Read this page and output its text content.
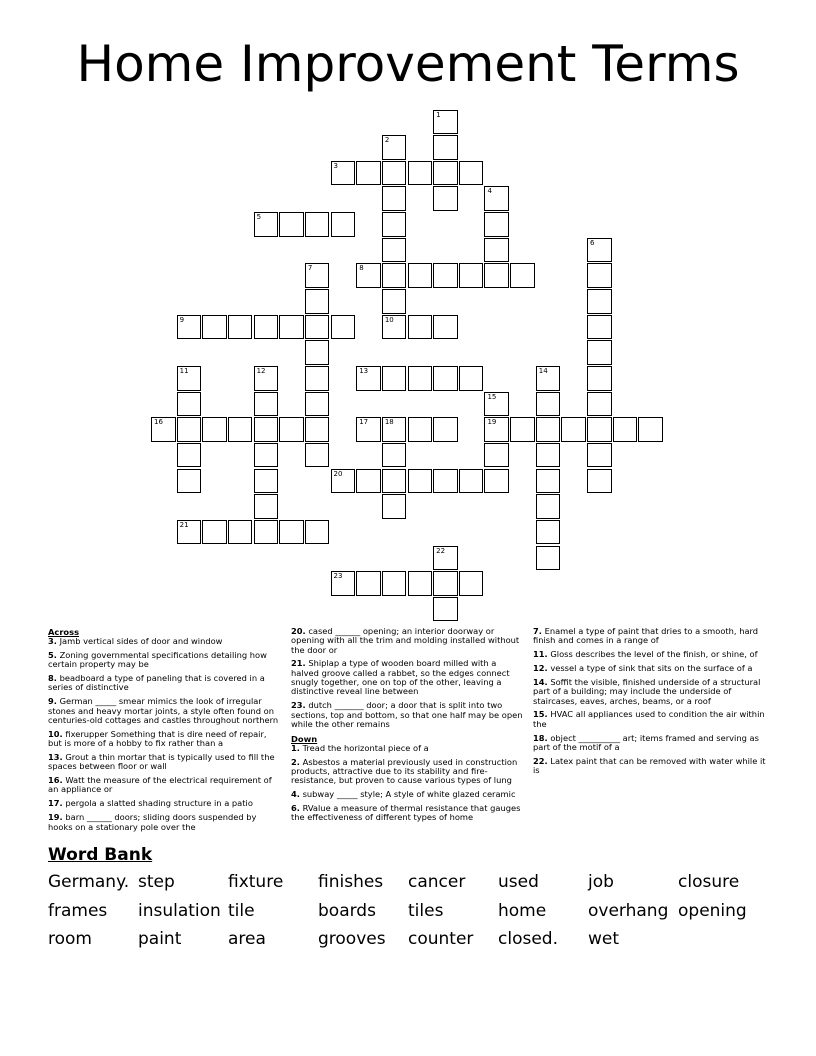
Home Improvement Terms
3
5
8
9	10
13
16	17 18	19
20
21
23
1
2
4
6
7
11	12	14
15
22
Across
3. Jamb vertical sides of door and window
5. Zoning governmental specifications detailing how certain property may be
8. beadboard a type of paneling that is covered in a series of distinctive
9. German _____ smear mimics the look of irregular stones and heavy mortar joints, a style often found on centuries-old cottages and castles throughout northern
10. fixerupper Something that is dire need of repair, but is more of a hobby to fix rather than a
13. Grout a thin mortar that is typically used to fill the spaces between floor or wall
16. Watt the measure of the electrical requirement of an appliance or
17. pergola a slatted shading structure in a patio
19. barn ______ doors; sliding doors suspended by hooks on a stationary pole over the
20. cased ______ opening; an interior doorway or opening with all the trim and molding installed without the door or
21. Shiplap a type of wooden board milled with a halved groove called a rabbet, so the edges connect snugly together, one on top of the other, leaving a distinctive reveal line between
23. dutch _______ door; a door that is split into two sections, top and bottom, so that one half may be open while the other remains
Down
1. Tread the horizontal piece of a
2. Asbestos a material previously used in construction products, attractive due to its stability and fire-resistance, but proven to cause various types of lung
4. subway _____ style; A style of white glazed ceramic
6. RValue a measure of thermal resistance that gauges the effectiveness of different types of home
7. Enamel a type of paint that dries to a smooth, hard finish and comes in a range of
11. Gloss describes the level of the finish, or shine, of
12. vessel a type of sink that sits on the surface of a
14. Soffit the visible, finished underside of a structural part of a building; may include the underside of staircases, eaves, arches, beams, or a roof
15. HVAC all appliances used to condition the air within the
18. object __________ art; items framed and serving as part of the motif of a
22. Latex paint that can be removed with water while it is
Word Bank
Germany. step	fixture finishes cancer used	job	closure
frames insulation tile	boards tiles	home overhang opening
room	paint	area	grooves counter closed. wet
